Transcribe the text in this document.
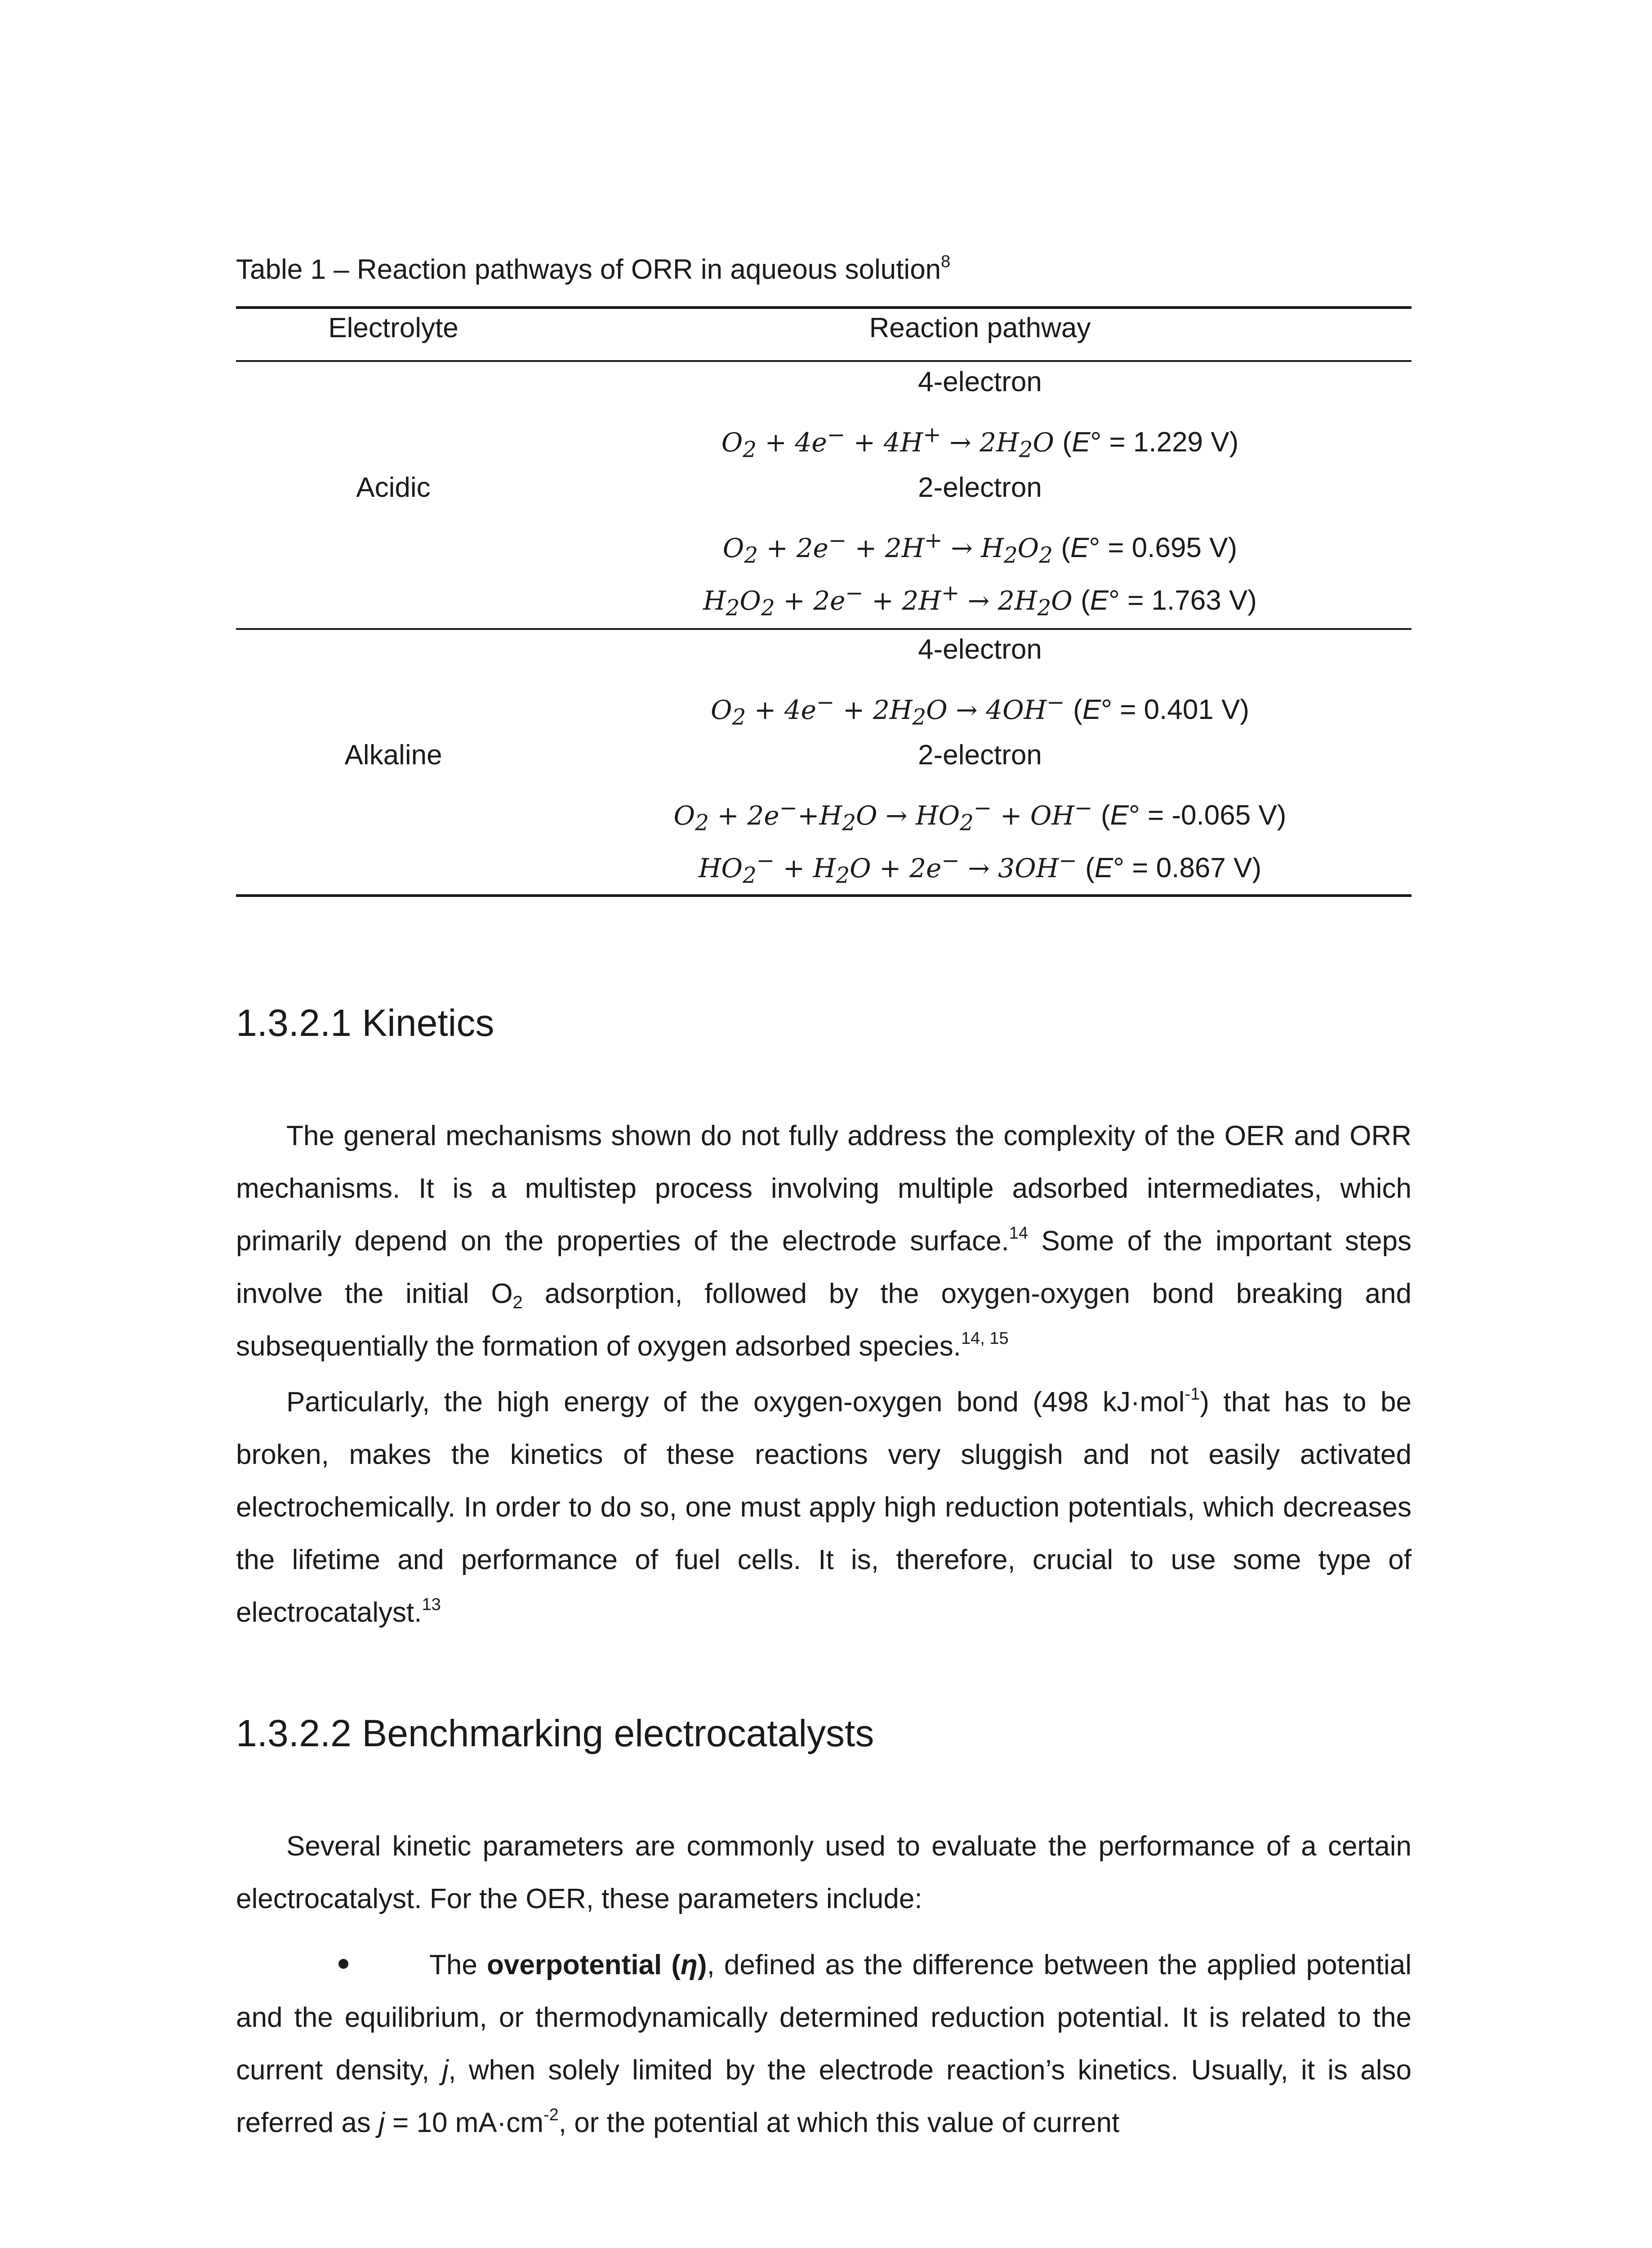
Table 1 – Reaction pathways of ORR in aqueous solution$^8$
Electrolyte	Reaction pathway
Acidic
4-electron
$O_2 + 4e^- + 4H^+ \to 2H_2O$ (E° = 1.229 V)
2-electron
$O_2 + 2e^- + 2H^+ \to H_2O_2$ (E° = 0.695 V)
$H_2O_2 + 2e^- + 2H^+ \to 2H_2O$ (E° = 1.763 V)
Alkaline
4-electron
$O_2 + 4e^- + 2H_2O \to 4OH^-$ (E° = 0.401 V)
2-electron
$O_2 + 2e^-+H_2O \to HO_2^- + OH^-$ (E° = -0.065 V)
$HO_2^- + H_2O + 2e^- \to 3OH^-$ (E° = 0.867 V)
1.3.2.1 Kinetics

The general mechanisms shown do not fully address the complexity of the OER and ORR mechanisms. It is a multistep process involving multiple adsorbed intermediates, which primarily depend on the properties of the electrode surface.$^{14}$ Some of the important steps involve the initial $O_2$ adsorption, followed by the oxygen-oxygen bond breaking and subsequentially the formation of oxygen adsorbed species.$^{14, 15}$

Particularly, the high energy of the oxygen-oxygen bond (498 kJ·mol$^{-1}$) that has to be broken, makes the kinetics of these reactions very sluggish and not easily activated electrochemically. In order to do so, one must apply high reduction potentials, which decreases the lifetime and performance of fuel cells. It is, therefore, crucial to use some type of electrocatalyst.$^{13}$

1.3.2.2 Benchmarking electrocatalysts

Several kinetic parameters are commonly used to evaluate the performance of a certain electrocatalyst. For the OER, these parameters include:

The overpotential (η), defined as the difference between the applied potential and the equilibrium, or thermodynamically determined reduction potential. It is related to the current density, j, when solely limited by the electrode reaction’s kinetics. Usually, it is also referred as j = 10 $mA\cdot cm^{-2}$, or the potential at which this value of current
